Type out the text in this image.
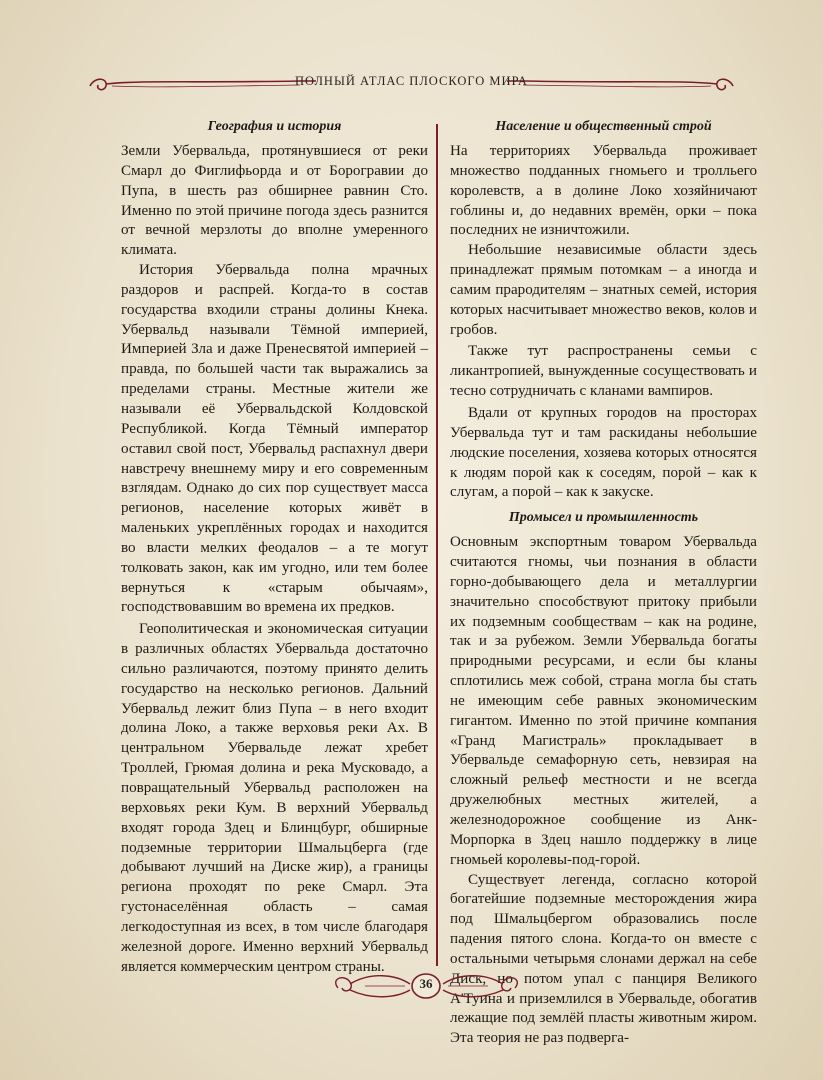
ПОЛНЫЙ АТЛАС ПЛОСКОГО МИРА
География и история

Земли Убервальда, протянувшиеся от реки Смарл до Фиглифьорда и от Борогравии до Пупа, в шесть раз обширнее равнин Сто. Именно по этой причине погода здесь разнится от вечной мерзлоты до вполне умеренного климата.

История Убервальда полна мрачных раздоров и распрей. Когда-то в состав государства входили страны долины Кнека. Убервальд называли Тёмной империей, Империей Зла и даже Пренесвятой империей – правда, по большей части так выражались за пределами страны. Местные жители же называли её Убервальдской Колдовской Республикой. Когда Тёмный император оставил свой пост, Убервальд распахнул двери навстречу внешнему миру и его современным взглядам. Однако до сих пор существует масса регионов, население которых живёт в маленьких укреплённых городах и находится во власти мелких феодалов – а те могут толковать закон, как им угодно, или тем более вернуться к «старым обычаям», господствовавшим во времена их предков.

Геополитическая и экономическая ситуации в различных областях Убервальда достаточно сильно различаются, поэтому принято делить государство на несколько регионов. Дальний Убервальд лежит близ Пупа – в него входит долина Локо, а также верховья реки Ах. В центральном Убервальде лежат хребет Троллей, Грюмая долина и река Мусковадо, а повращательный Убервальд расположен на верховьях реки Кум. В верхний Убервальд входят города Здец и Блинцбург, обширные подземные территории Шмальцберга (где добывают лучший на Диске жир), а границы региона проходят по реке Смарл. Эта густонаселённая область – самая легкодоступная из всех, в том числе благодаря железной дороге. Именно верхний Убервальд является коммерческим центром страны.

Население и общественный строй

На территориях Убервальда проживает множество подданных гномьего и тролльего королевств, а в долине Локо хозяйничают гоблины и, до недавних времён, орки – пока последних не изничтожили.

Небольшие независимые области здесь принадлежат прямым потомкам – а иногда и самим прародителям – знатных семей, история которых насчитывает множество веков, колов и гробов.

Также тут распространены семьи с ликантропией, вынужденные сосуществовать и тесно сотрудничать с кланами вампиров.

Вдали от крупных городов на просторах Убервальда тут и там раскиданы небольшие людские поселения, хозяева которых относятся к людям порой как к соседям, порой – как к слугам, а порой – как к закуске.

Промысел и промышленность

Основным экспортным товаром Убервальда считаются гномы, чьи познания в области горно-добывающего дела и металлургии значительно способствуют притоку прибыли их подземным сообществам – как на родине, так и за рубежом. Земли Убервальда богаты природными ресурсами, и если бы кланы сплотились меж собой, страна могла бы стать не имеющим себе равных экономическим гигантом. Именно по этой причине компания «Гранд Магистраль» прокладывает в Убервальде семафорную сеть, невзирая на сложный рельеф местности и не всегда дружелюбных местных жителей, а железнодорожное сообщение из Анк-Морпорка в Здец нашло поддержку в лице гномьей королевы-под-горой.

Существует легенда, согласно которой богатейшие подземные месторождения жира под Шмальцбергом образовались после падения пятого слона. Когда-то он вместе с остальными четырьмя слонами держал на себе Диск, но потом упал с панциря Великого А'Туина и приземлился в Убервальде, обогатив лежащие под землёй пласты животным жиром. Эта теория не раз подверга-

36
